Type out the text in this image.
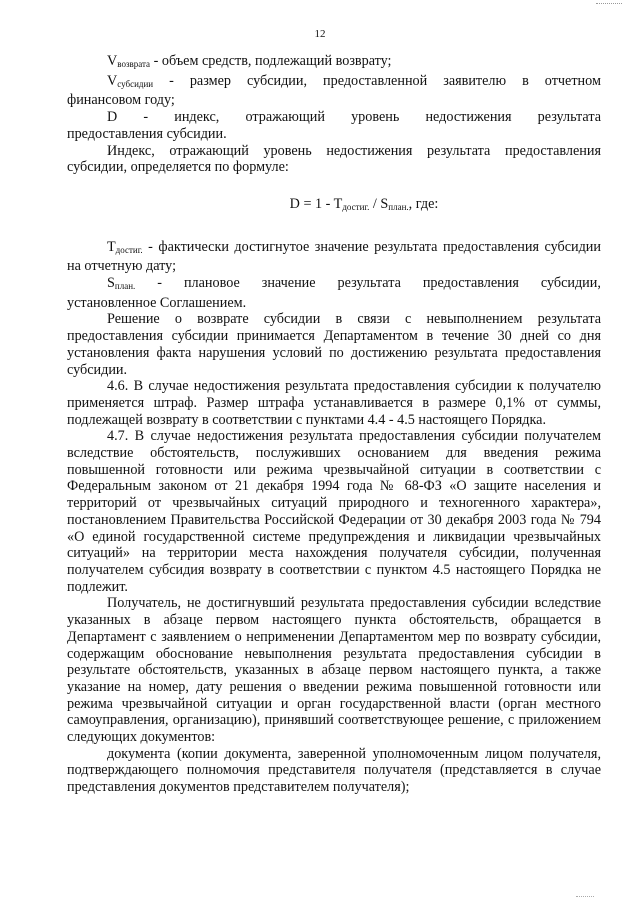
12

$V_{возврата}$ - объем средств, подлежащий возврату;

$V_{субсидии}$ - размер субсидии, предоставленной заявителю в отчетном

финансовом году;

D - индекс, отражающий уровень недостижения результата

предоставления субсидии.

Индекс, отражающий уровень недостижения результата предоставления субсидии, определяется по формуле:

$D = 1 - T_{достиг.} / S_{план.}$, где:

$T_{достиг.}$ - фактически достигнутое значение результата предоставления субсидии на отчетную дату;

$S_{план.}$ - плановое значение результата предоставления субсидии,

установленное Соглашением.

Решение о возврате субсидии в связи с невыполнением результата предоставления субсидии принимается Департаментом в течение 30 дней со дня установления факта нарушения условий по достижению результата предоставления субсидии.

4.6. В случае недостижения результата предоставления субсидии к получателю применяется штраф. Размер штрафа устанавливается в размере 0,1% от суммы, подлежащей возврату в соответствии с пунктами 4.4 - 4.5 настоящего Порядка.

4.7. В случае недостижения результата предоставления субсидии получателем вследствие обстоятельств, послуживших основанием для введения режима повышенной готовности или режима чрезвычайной ситуации в соответствии с Федеральным законом от 21 декабря 1994 года № 68-ФЗ «О защите населения и территорий от чрезвычайных ситуаций природного и техногенного характера», постановлением Правительства Российской Федерации от 30 декабря 2003 года № 794 «О единой государственной системе предупреждения и ликвидации чрезвычайных ситуаций» на территории места нахождения получателя субсидии, полученная получателем субсидия возврату в соответствии с пунктом 4.5 настоящего Порядка не подлежит.

Получатель, не достигнувший результата предоставления субсидии вследствие указанных в абзаце первом настоящего пункта обстоятельств, обращается в Департамент с заявлением о неприменении Департаментом мер по возврату субсидии, содержащим обоснование невыполнения результата предоставления субсидии в результате обстоятельств, указанных в абзаце первом настоящего пункта, а также указание на номер, дату решения о введении режима повышенной готовности или режима чрезвычайной ситуации и орган государственной власти (орган местного самоуправления, организацию), принявший соответствующее решение, с приложением следующих документов:

документа (копии документа, заверенной уполномоченным лицом получателя, подтверждающего полномочия представителя получателя (представляется в случае представления документов представителем получателя);
